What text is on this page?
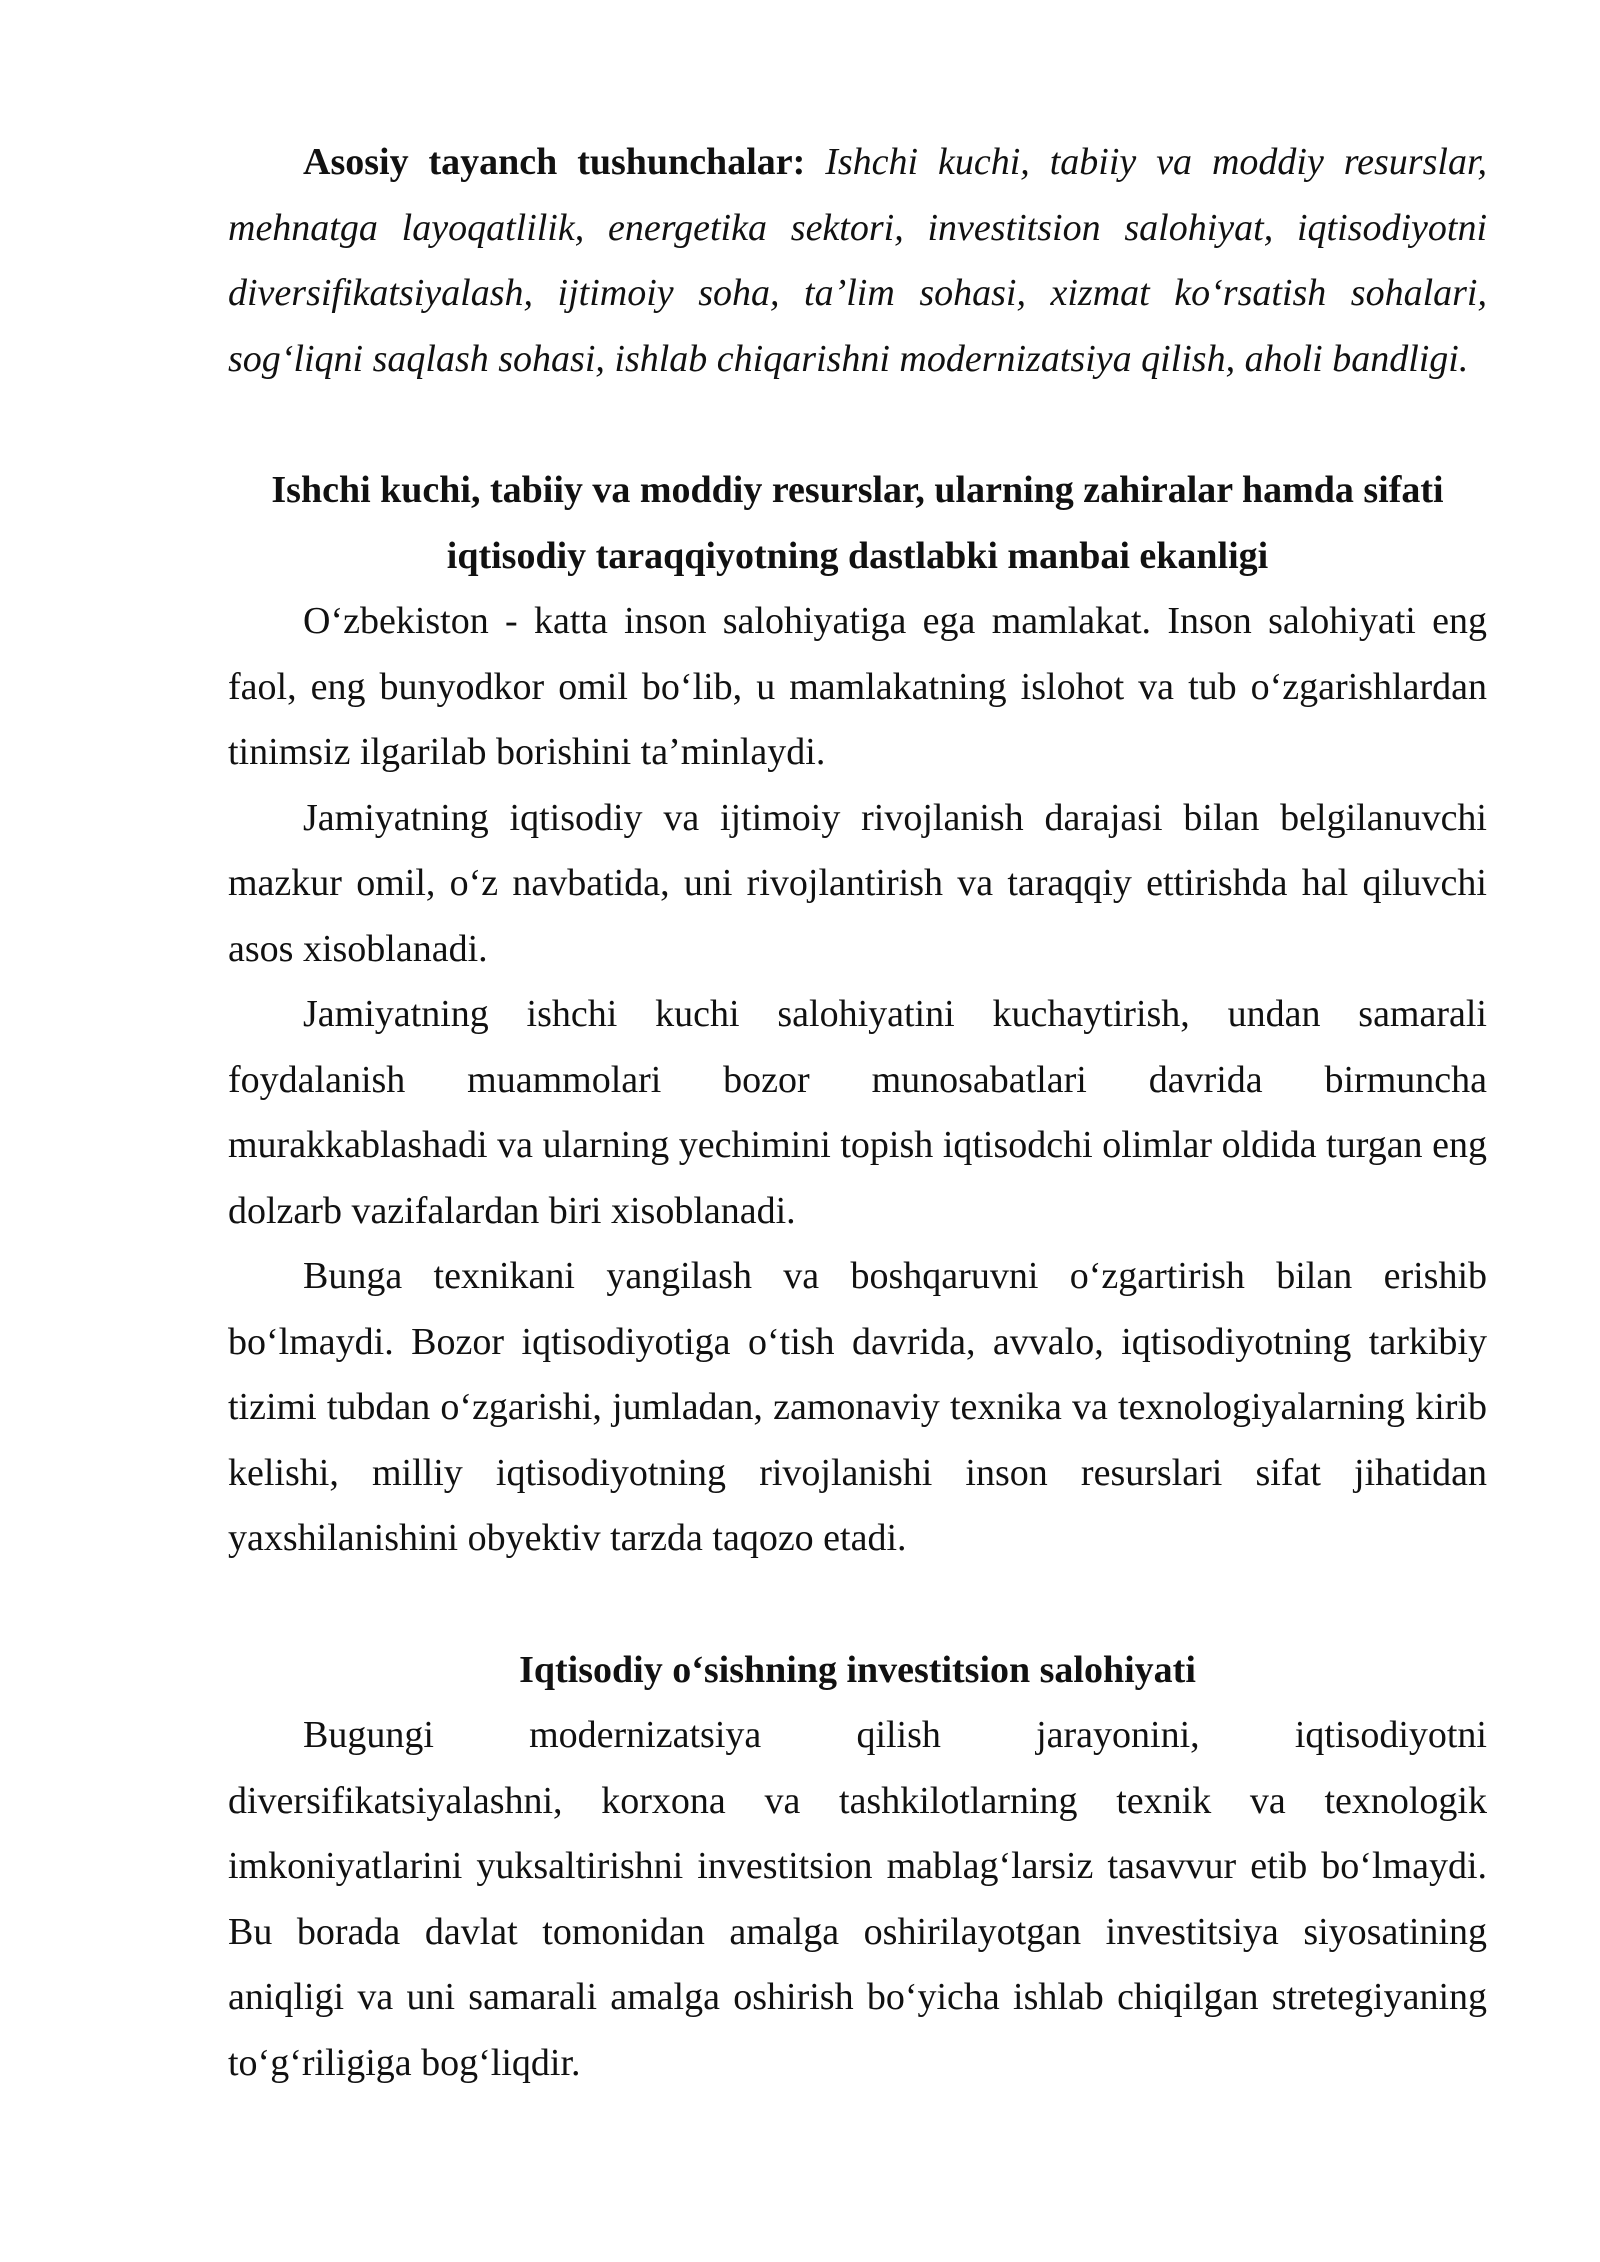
Asosiy tayanch tushunchalar: Ishchi kuchi, tabiiy va moddiy resurslar, mehnatga layoqatlilik, energetika sektori, investitsion salohiyat, iqtisodiyotni diversifikatsiyalash, ijtimoiy soha, ta’lim sohasi, xizmat ko‘rsatish sohalari, sog‘liqni saqlash sohasi, ishlab chiqarishni modernizatsiya qilish, aholi bandligi.

Ishchi kuchi, tabiiy va moddiy resurslar, ularning zahiralar hamda sifati iqtisodiy taraqqiyotning dastlabki manbai ekanligi

O‘zbekiston - katta inson salohiyatiga ega mamlakat. Inson salohiyati eng faol, eng bunyodkor omil bo‘lib, u mamlakatning islohot va tub o‘zgarishlardan tinimsiz ilgarilab borishini ta’minlaydi.

Jamiyatning iqtisodiy va ijtimoiy rivojlanish darajasi bilan belgilanuvchi mazkur omil, o‘z navbatida, uni rivojlantirish va taraqqiy ettirishda hal qiluvchi asos xisoblanadi.

Jamiyatning ishchi kuchi salohiyatini kuchaytirish, undan samarali foydalanish muammolari bozor munosabatlari davrida birmuncha murakkablashadi va ularning yechimini topish iqtisodchi olimlar oldida turgan eng dolzarb vazifalardan biri xisoblanadi.

Bunga texnikani yangilash va boshqaruvni o‘zgartirish bilan erishib bo‘lmaydi. Bozor iqtisodiyotiga o‘tish davrida, avvalo, iqtisodiyotning tarkibiy tizimi tubdan o‘zgarishi, jumladan, zamonaviy texnika va texnologiyalarning kirib kelishi, milliy iqtisodiyotning rivojlanishi inson resurslari sifat jihatidan yaxshilanishini obyektiv tarzda taqozo etadi.

Iqtisodiy o‘sishning investitsion salohiyati

Bugungi modernizatsiya qilish jarayonini, iqtisodiyotni diversifikatsiyalashni, korxona va tashkilotlarning texnik va texnologik imkoniyatlarini yuksaltirishni investitsion mablag‘larsiz tasavvur etib bo‘lmaydi. Bu borada davlat tomonidan amalga oshirilayotgan investitsiya siyosatining aniqligi va uni samarali amalga oshirish bo‘yicha ishlab chiqilgan stretegiyaning to‘g‘riligiga bog‘liqdir.
